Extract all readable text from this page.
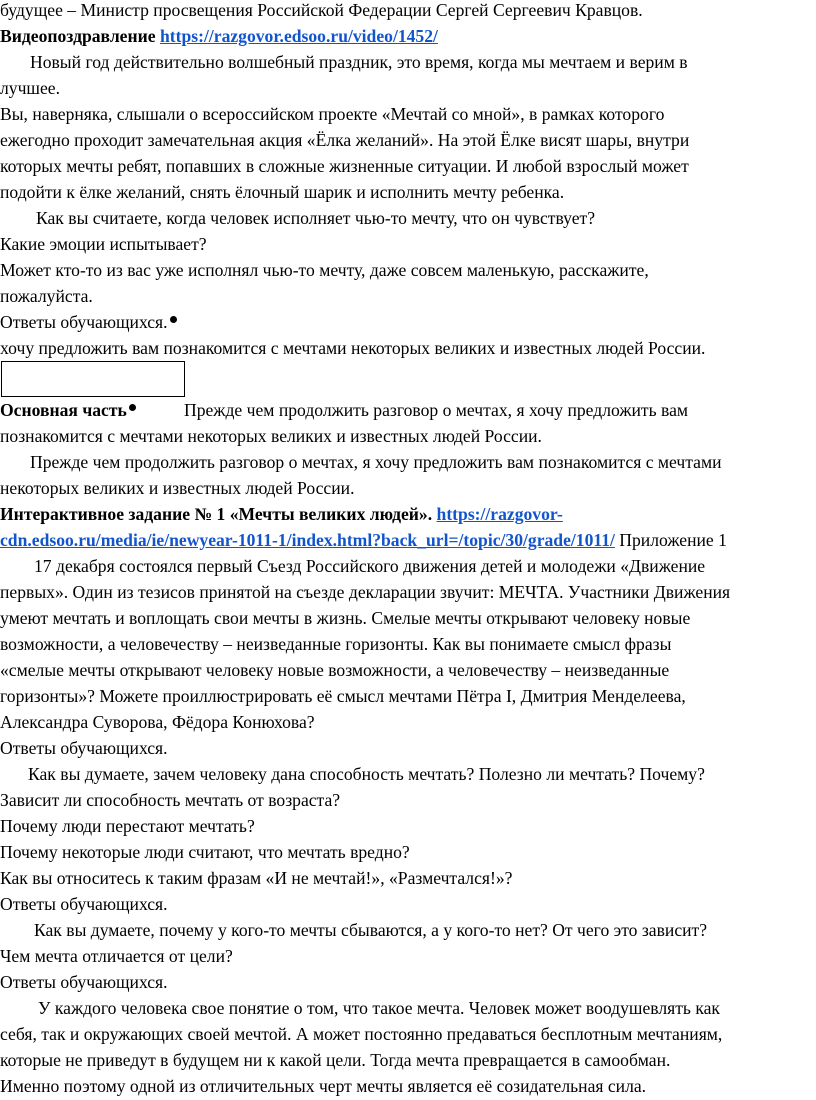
будущее – Министр просвещения Российской Федерации Сергей Сергеевич Кравцов.
Видеопоздравление https://razgovor.edsoo.ru/video/1452/
Новый год действительно волшебный праздник, это время, когда мы мечтаем и верим в
лучшее.
Вы, наверняка, слышали о всероссийском проекте «Мечтай со мной», в рамках которого
ежегодно проходит замечательная акция «Ёлка желаний». На этой Ёлке висят шары, внутри
которых мечты ребят, попавших в сложные жизненные ситуации. И любой взрослый может
подойти к ёлке желаний, снять ёлочный шарик и исполнить мечту ребенка.
Как вы считаете, когда человек исполняет чью-то мечту, что он чувствует?
Какие эмоции испытывает?
Может кто-то из вас уже исполнял чью-то мечту, даже совсем маленькую, расскажите,
пожалуйста.
Ответы обучающихся.
хочу предложить вам познакомится с мечтами некоторых великих и известных людей России.
Основная часть	Прежде чем продолжить разговор о мечтах, я хочу предложить вам
познакомится с мечтами некоторых великих и известных людей России.
Прежде чем продолжить разговор о мечтах, я хочу предложить вам познакомится с мечтами
некоторых великих и известных людей России.
Интерактивное задание № 1 «Мечты великих людей». https://razgovor-
cdn.edsoo.ru/media/ie/newyear-1011-1/index.html?back_url=/topic/30/grade/1011/ Приложение 1
17 декабря состоялся первый Съезд Российского движения детей и молодежи «Движение
первых». Один из тезисов принятой на съезде декларации звучит: МЕЧТА. Участники Движения
умеют мечтать и воплощать свои мечты в жизнь. Смелые мечты открывают человеку новые
возможности, а человечеству – неизведанные горизонты. Как вы понимаете смысл фразы
«смелые мечты открывают человеку новые возможности, а человечеству – неизведанные
горизонты»? Можете проиллюстрировать её смысл мечтами Пётра I, Дмитрия Менделеева,
Александра Суворова, Фёдора Конюхова?
Ответы обучающихся.
Как вы думаете, зачем человеку дана способность мечтать? Полезно ли мечтать? Почему?
Зависит ли способность мечтать от возраста?
Почему люди перестают мечтать?
Почему некоторые люди считают, что мечтать вредно?
Как вы относитесь к таким фразам «И не мечтай!», «Размечтался!»?
Ответы обучающихся.
Как вы думаете, почему у кого-то мечты сбываются, а у кого-то нет? От чего это зависит?
Чем мечта отличается от цели?
Ответы обучающихся.
У каждого человека свое понятие о том, что такое мечта. Человек может воодушевлять как
себя, так и окружающих своей мечтой. А может постоянно предаваться бесплотным мечтаниям,
которые не приведут в будущем ни к какой цели. Тогда мечта превращается в самообман.
Именно поэтому одной из отличительных черт мечты является её созидательная сила.
